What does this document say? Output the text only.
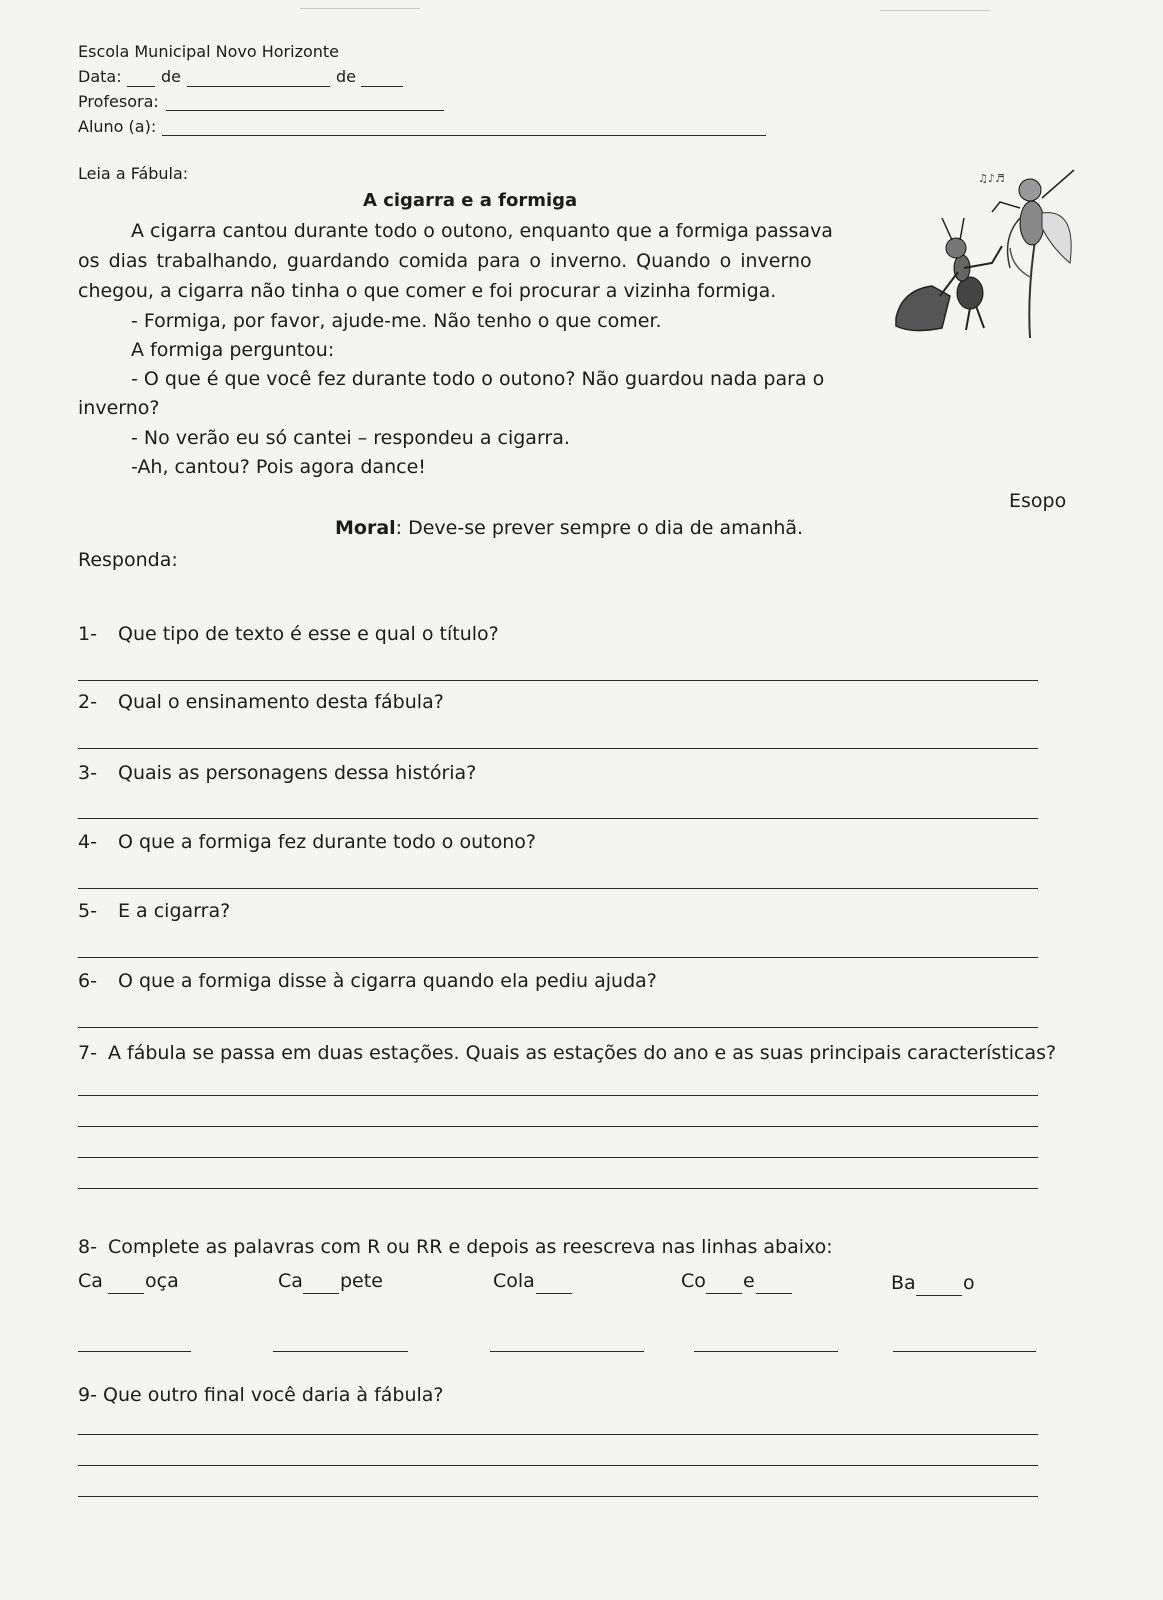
Escola Municipal Novo Horizonte
Data: de	de
Profesora:
Aluno (a):
Leia a Fábula:
A cigarra e a formiga
A cigarra cantou durante todo o outono, enquanto que a formiga passava
os dias trabalhando, guardando comida para o inverno. Quando o inverno
chegou, a cigarra não tinha o que comer e foi procurar a vizinha formiga.
- Formiga, por favor, ajude-me. Não tenho o que comer.
A formiga perguntou:
- O que é que você fez durante todo o outono? Não guardou nada para o
inverno?
- No verão eu só cantei – respondeu a cigarra.
-Ah, cantou? Pois agora dance!
♫♪♬
Esopo
Moral: Deve-se prever sempre o dia de amanhã.
Responda:
1- Que tipo de texto é esse e qual o título?
2- Qual o ensinamento desta fábula?
3- Quais as personagens dessa história?
4- O que a formiga fez durante todo o outono?
5- E a cigarra?
6- O que a formiga disse à cigarra quando ela pediu ajuda?
7- A fábula se passa em duas estações. Quais as estações do ano e as suas principais características?
8- Complete as palavras com R ou RR e depois as reescreva nas linhas abaixo:
Ca oça	Ca pete	Cola	Co e	Ba o
9- Que outro final você daria à fábula?
